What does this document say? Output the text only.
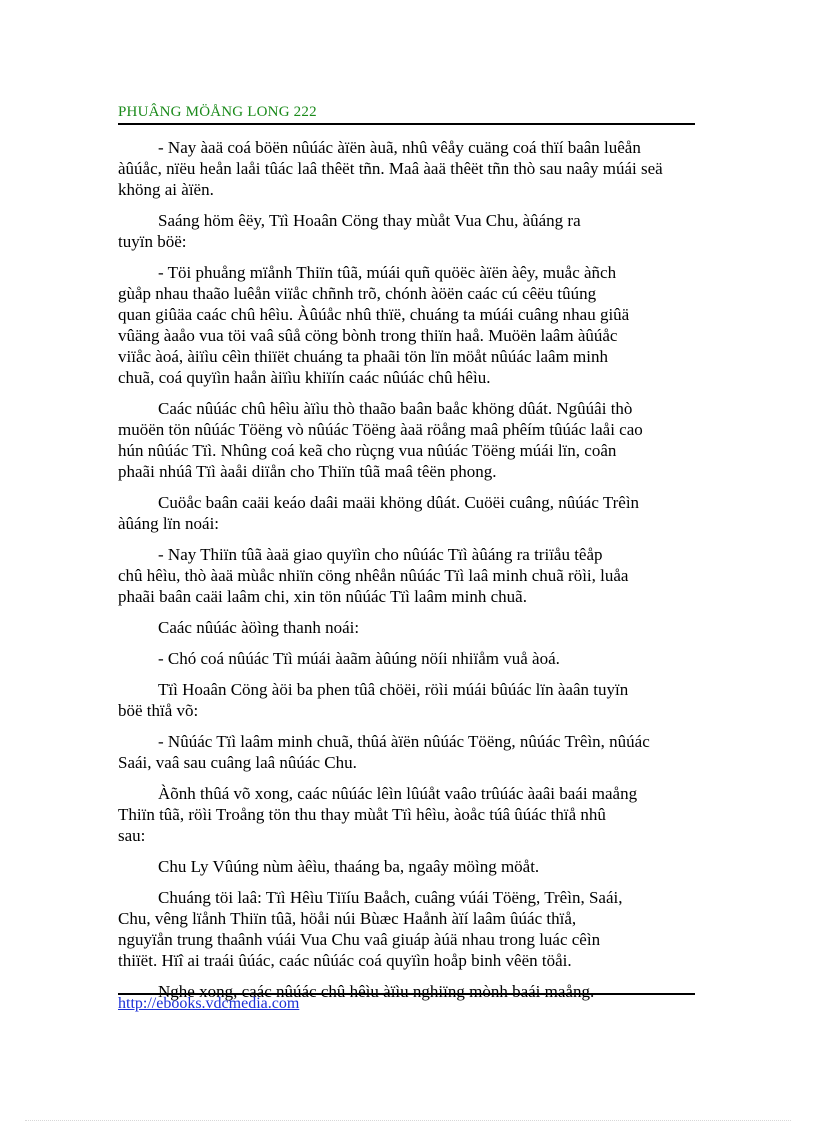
PHUÂNG MÖÅNG LONG 222

- Nay àaä coá böën nûúác àïën àuã, nhû vêåy cuäng coá thïí baân luêån
àûúåc, nïëu heån laåi tûác laâ thêët tñn. Maâ àaä thêët tñn thò sau naây múái seä
khöng ai àïën.

Saáng höm êëy, Tïì Hoaân Cöng thay mùåt Vua Chu, àûáng ra
tuyïn böë:

- Töi phuång mïånh Thiïn tûã, múái quñ quöëc àïën àêy, muåc àñch
gùåp nhau thaão luêån viïåc chñnh trõ, chónh àöën caác cú cêëu tûúng
quan giûäa caác chû hêìu. Àûúåc nhû thïë, chuáng ta múái cuâng nhau giûä
vûäng àaåo vua töi vaâ sûå cöng bònh trong thiïn haå. Muöën laâm àûúåc
viïåc àoá, àiïìu cêìn thiïët chuáng ta phaãi tön lïn möåt nûúác laâm minh
chuã, coá quyïìn haån àiïìu khiïín caác nûúác chû hêìu.

Caác nûúác chû hêìu àïìu thò thaão baân baåc khöng dûát. Ngûúâi thò
muöën tön nûúác Töëng vò nûúác Töëng àaä röång maâ phêím tûúác laåi cao
hún nûúác Tïì. Nhûng coá keã cho rùçng vua nûúác Töëng múái lïn, coân
phaãi nhúâ Tïì àaåi diïån cho Thiïn tûã maâ têën phong.

Cuöåc baân caäi keáo daâi maäi khöng dûát. Cuöëi cuâng, nûúác Trêìn
àûáng lïn noái:

- Nay Thiïn tûã àaä giao quyïìn cho nûúác Tïì àûáng ra triïåu têåp
chû hêìu, thò àaä mùåc nhiïn cöng nhêån nûúác Tïì laâ minh chuã röìi, luåa
phaãi baân caäi laâm chi, xin tön nûúác Tïì laâm minh chuã.

Caác nûúác àöìng thanh noái:

- Chó coá nûúác Tïì múái àaãm àûúng nöíi nhiïåm vuå àoá.

Tïì Hoaân Cöng àöi ba phen tûâ chöëi, röìi múái bûúác lïn àaân tuyïn
böë thïå võ:

- Nûúác Tïì laâm minh chuã, thûá àïën nûúác Töëng, nûúác Trêìn, nûúác
Saái, vaâ sau cuâng laâ nûúác Chu.

Àõnh thûá võ xong, caác nûúác lêìn lûúåt vaâo trûúác àaâi baái maång
Thiïn tûã, röìi Troång tön thu thay mùåt Tïì hêìu, àoåc túâ ûúác thïå nhû
sau:

Chu Ly Vûúng nùm àêìu, thaáng ba, ngaây möìng möåt.

Chuáng töi laâ: Tïì Hêìu Tiïíu Baåch, cuâng vúái Töëng, Trêìn, Saái,
Chu, vêng lïånh Thiïn tûã, höåi núi Bùæc Haånh àïí laâm ûúác thïå,
nguyïån trung thaânh vúái Vua Chu vaâ giuáp àúä nhau trong luác cêìn
thiïët. Hïî ai traái ûúác, caác nûúác coá quyïìn hoåp binh vêën töåi.

Nghe xong, caác nûúác chû hêìu àïìu nghiïng mònh baái maång.

http://ebooks.vdcmedia.com
